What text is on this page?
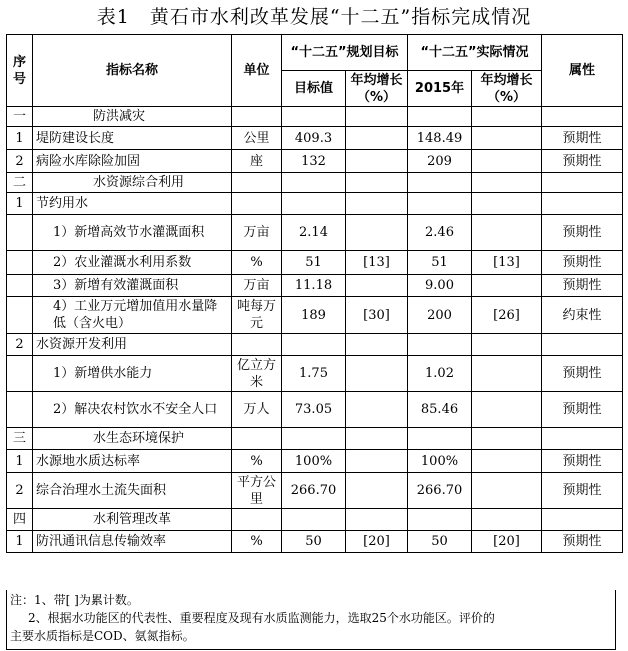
表1　黄石市水利改革发展“十二五”指标完成情况
序号	指标名称	单位	“十二五”规划目标		“十二五”实际情况		属性
			目标值	年均增长（%）	2015年	年均增长（%）	
一	防洪减灾						
1	堤防建设长度	公里	409.3		148.49		预期性
2	病险水库除险加固	座	132		209		预期性
二	水资源综合利用						
1	节约用水						
	1）新增高效节水灌溉面积	万亩	2.14		2.46		预期性
	2）农业灌溉水利用系数	%	51	[13]	51	[13]	预期性
	3）新增有效灌溉面积	万亩	11.18		9.00		预期性
	4）工业万元增加值用水量降低（含火电）	吨每万元	189	[30]	200	[26]	约束性
2	水资源开发利用						
	1）新增供水能力	亿立方米	1.75		1.02		预期性
	2）解决农村饮水不安全人口	万人	73.05		85.46		预期性
三	水生态环境保护						
1	水源地水质达标率	%	100%		100%		预期性
2	综合治理水土流失面积	平方公里	266.70		266.70		预期性
四	水利管理改革						
1	防汛通讯信息传输效率	%	50	[20]	50	[20]	预期性
注：1、带[ ]为累计数。
2、根据水功能区的代表性、重要程度及现有水质监测能力，选取25个水功能区。评价的
主要水质指标是COD、氨氮指标。
